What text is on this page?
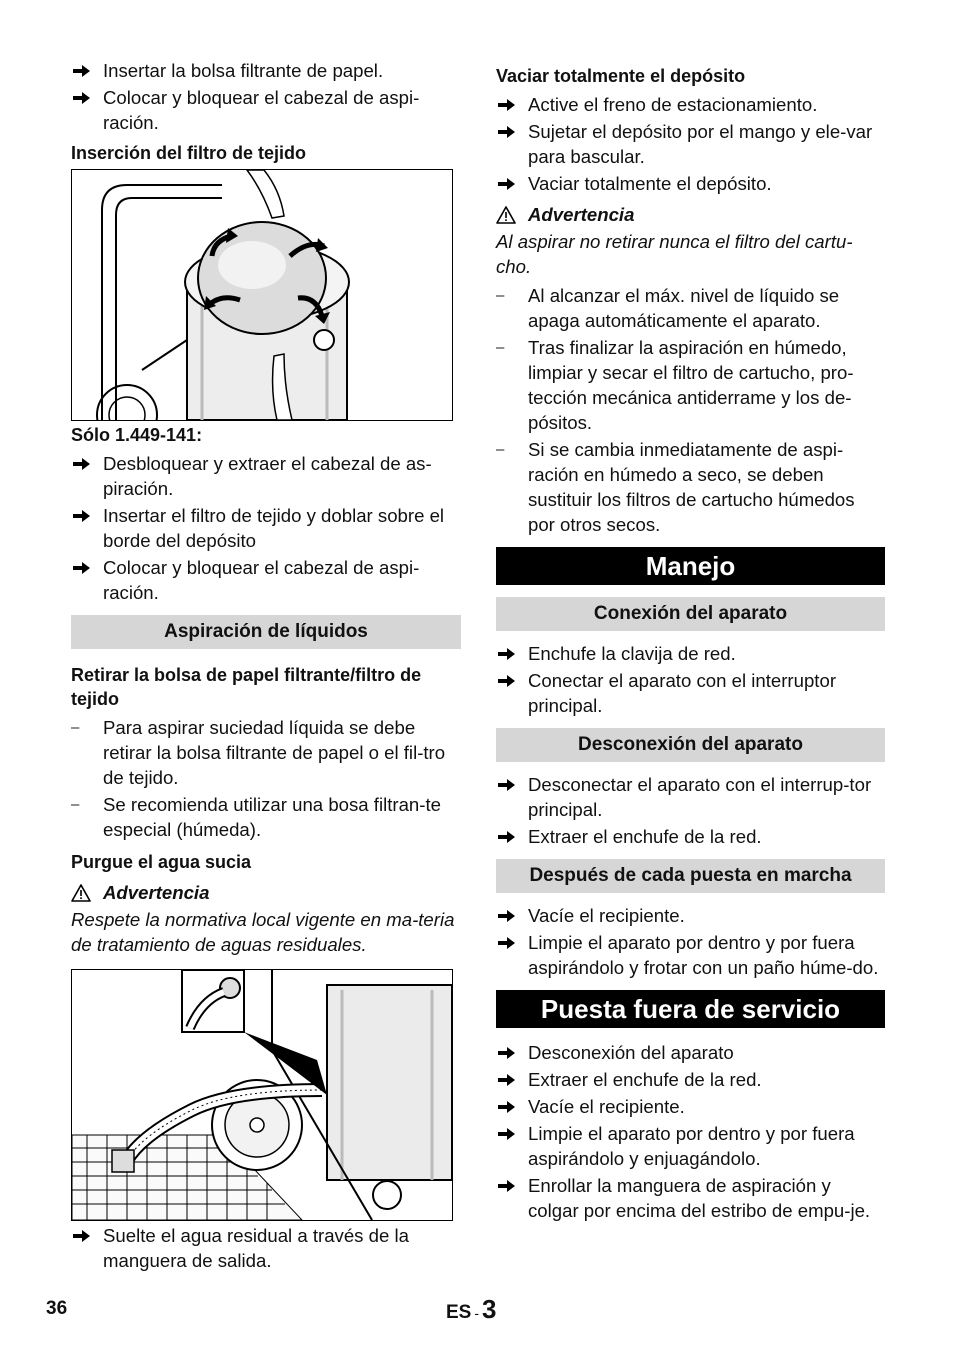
Insertar la bolsa filtrante de papel.
Colocar y bloquear el cabezal de aspi-ración.
Inserción del filtro de tejido
Sólo 1.449-141:
Desbloquear y extraer el cabezal de as-piración.
Insertar el filtro de tejido y doblar sobre el borde del depósito
Colocar y bloquear el cabezal de aspi-ración.
Aspiración de líquidos
Retirar la bolsa de papel filtrante/filtro de tejido
–	Para aspirar suciedad líquida se debe retirar la bolsa filtrante de papel o el fil-tro de tejido.
–	Se recomienda utilizar una bosa filtran-te especial (húmeda).
Purgue el agua sucia
Advertencia
Respete la normativa local vigente en ma-teria de tratamiento de aguas residuales.
Suelte el agua residual a través de la manguera de salida.
Vaciar totalmente el depósito
Active el freno de estacionamiento.
Sujetar el depósito por el mango y ele-var para bascular.
Vaciar totalmente el depósito.
Advertencia
Al aspirar no retirar nunca el filtro del cartu-cho.
–	Al alcanzar el máx. nivel de líquido se apaga automáticamente el aparato.
–	Tras finalizar la aspiración en húmedo, limpiar y secar el filtro de cartucho, pro-tección mecánica antiderrame y los de-pósitos.
–	Si se cambia inmediatamente de aspi-ración en húmedo a seco, se deben sustituir los filtros de cartucho húmedos por otros secos.
Manejo
Conexión del aparato
Enchufe la clavija de red.
Conectar el aparato con el interruptor principal.
Desconexión del aparato
Desconectar el aparato con el interrup-tor principal.
Extraer el enchufe de la red.
Después de cada puesta en marcha
Vacíe el recipiente.
Limpie el aparato por dentro y por fuera aspirándolo y frotar con un paño húme-do.
Puesta fuera de servicio
Desconexión del aparato
Extraer el enchufe de la red.
Vacíe el recipiente.
Limpie el aparato por dentro y por fuera aspirándolo y enjuagándolo.
Enrollar la manguera de aspiración y colgar por encima del estribo de empu-je.
36	ES - 3
